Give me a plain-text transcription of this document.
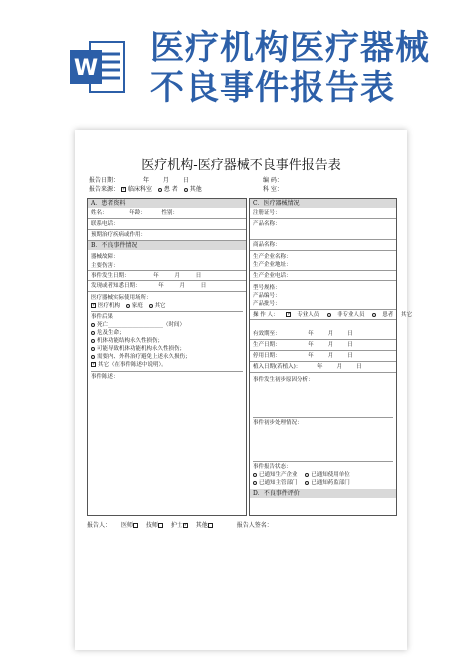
W
医疗机构医疗器械
不良事件报告表
医疗机构-医疗器械不良事件报告表
报告日期：	年 月 日	编 码：
报告来源： ✓ 临床科室 患 者 其他	科 室：
A．患者资料
姓名：	年龄：	性别：
联系电话：
预期治疗疾病或作用：
B．不良事件情况
器械故障：
主要伤害：
事件发生日期：	年	月	日
发现或者知悉日期：	年	月	日
医疗器械实际使用场所：
✓ 医疗机构 家庭 其它
事件后果
死亡____________________（时间）
危及生命；
机体功能结构永久性损伤；
可能导致机体功能机构永久性损伤；
需要内、外科治疗避免上述永久损伤；
✓ 其它（在事件陈述中说明）。
事件陈述：
C．医疗器械情况
注册证号：
产品名称：
商品名称：
生产企业名称：
生产企业地址：
生产企业电话：
型号规格：
产品编号：
产品批号：
操 作 人： ✓ 专业人员	非专业人员	患者 其它
有效期至：	年	月	日
生产日期：	年	月	日
停用日期：	年	月	日
植入日期(若植入)：	年	月	日
事件发生初步原因分析：
事件初步处理情况：
事件报告状态：
已通知生产企业	已通知使用单位
已通知主管部门	已通知药监部门
D．不良事件评价
报告人： 医师 技师 护士✓ 其他	报告人签名：
